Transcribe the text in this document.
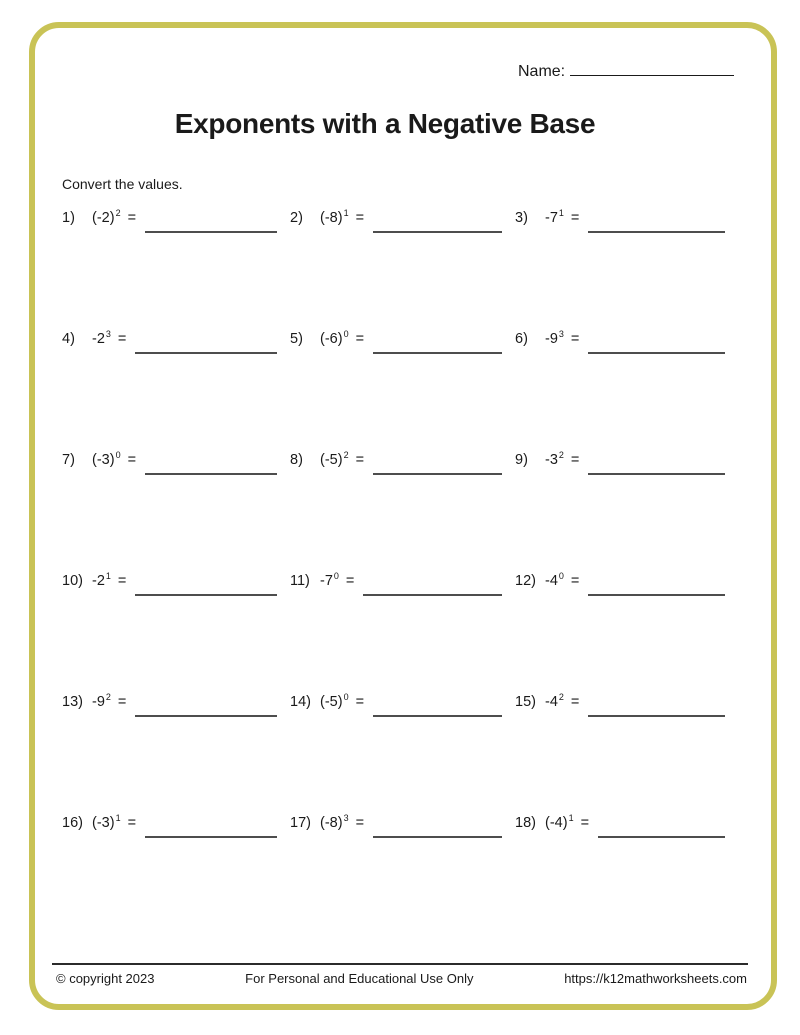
Name:
Exponents with a Negative Base
Convert the values.
1)	$(-2)^2$ =	2)	$(-8)^1$ =	3)	$-7^1$ =
4)	$-2^3$ =	5)	$(-6)^0$ =	6)	$-9^3$ =
7)	$(-3)^0$ =	8)	$(-5)^2$ =	9)	$-3^2$ =
10) $-2^1$ =	11) $-7^0$ =	12) $-4^0$ =
13) $-9^2$ =	14) $(-5)^0$ =	15) $-4^2$ =
16) $(-3)^1$ =	17) $(-8)^3$ =	18) $(-4)^1$ =
© copyright 2023	For Personal and Educational Use Only	https://k12mathworksheets.com
